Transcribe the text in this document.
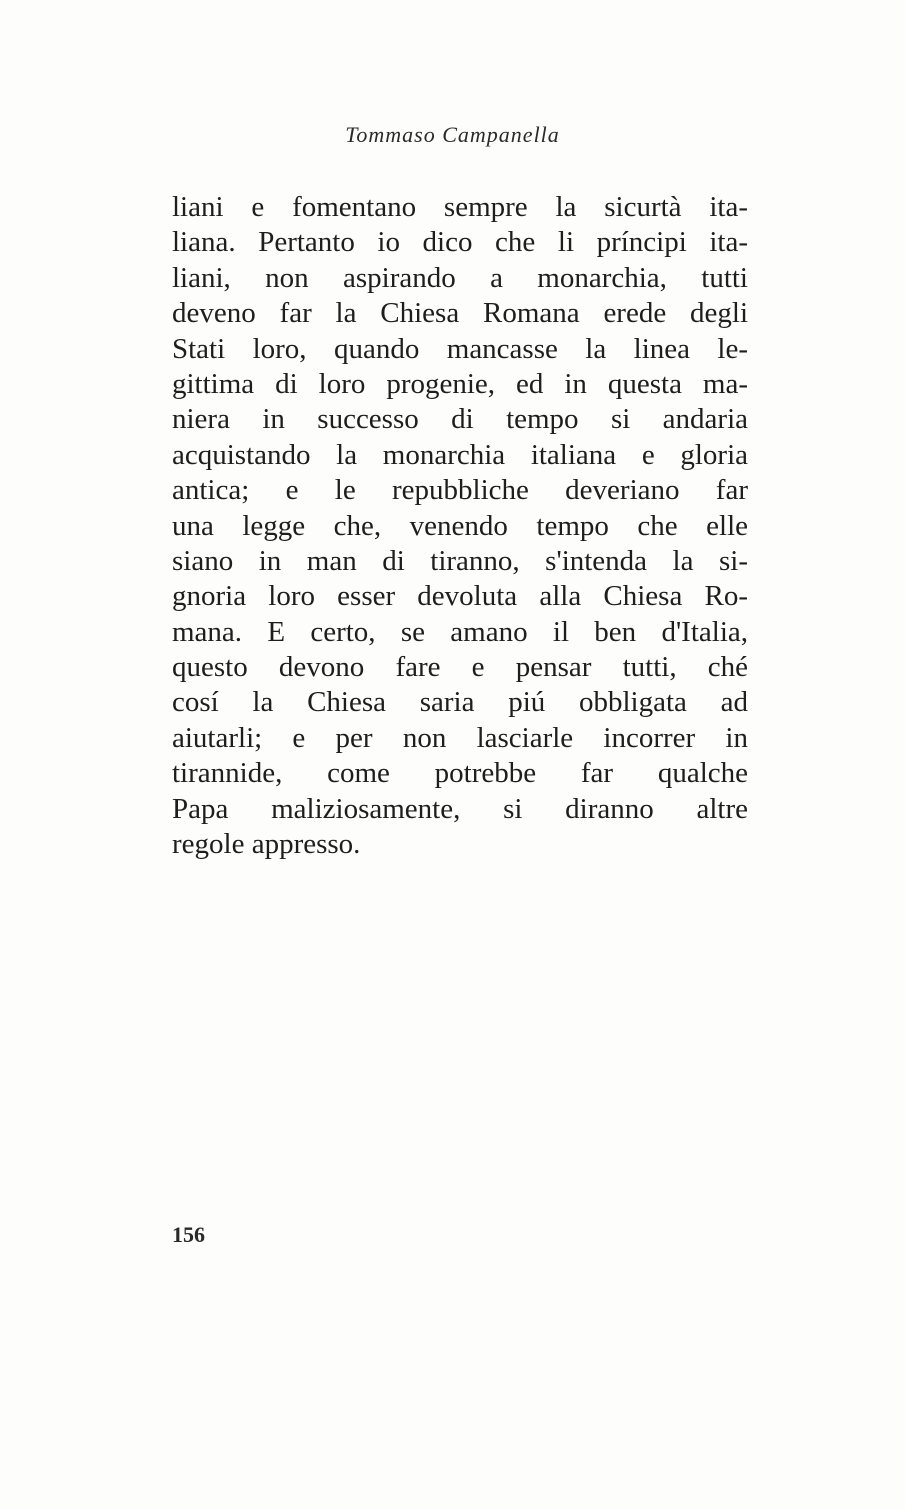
Tommaso Campanella
liani e fomentano sempre la sicurtà ita-
liana. Pertanto io dico che li príncipi ita-
liani, non aspirando a monarchia, tutti
deveno far la Chiesa Romana erede degli
Stati loro, quando mancasse la linea le-
gittima di loro progenie, ed in questa ma-
niera in successo di tempo si andaria
acquistando la monarchia italiana e gloria
antica; e le repubbliche deveriano far
una legge che, venendo tempo che elle
siano in man di tiranno, s'intenda la si-
gnoria loro esser devoluta alla Chiesa Ro-
mana. E certo, se amano il ben d'Italia,
questo devono fare e pensar tutti, ché
cosí la Chiesa saria piú obbligata ad
aiutarli; e per non lasciarle incorrer in
tirannide, come potrebbe far qualche
Papa maliziosamente, si diranno altre
regole appresso.
156
